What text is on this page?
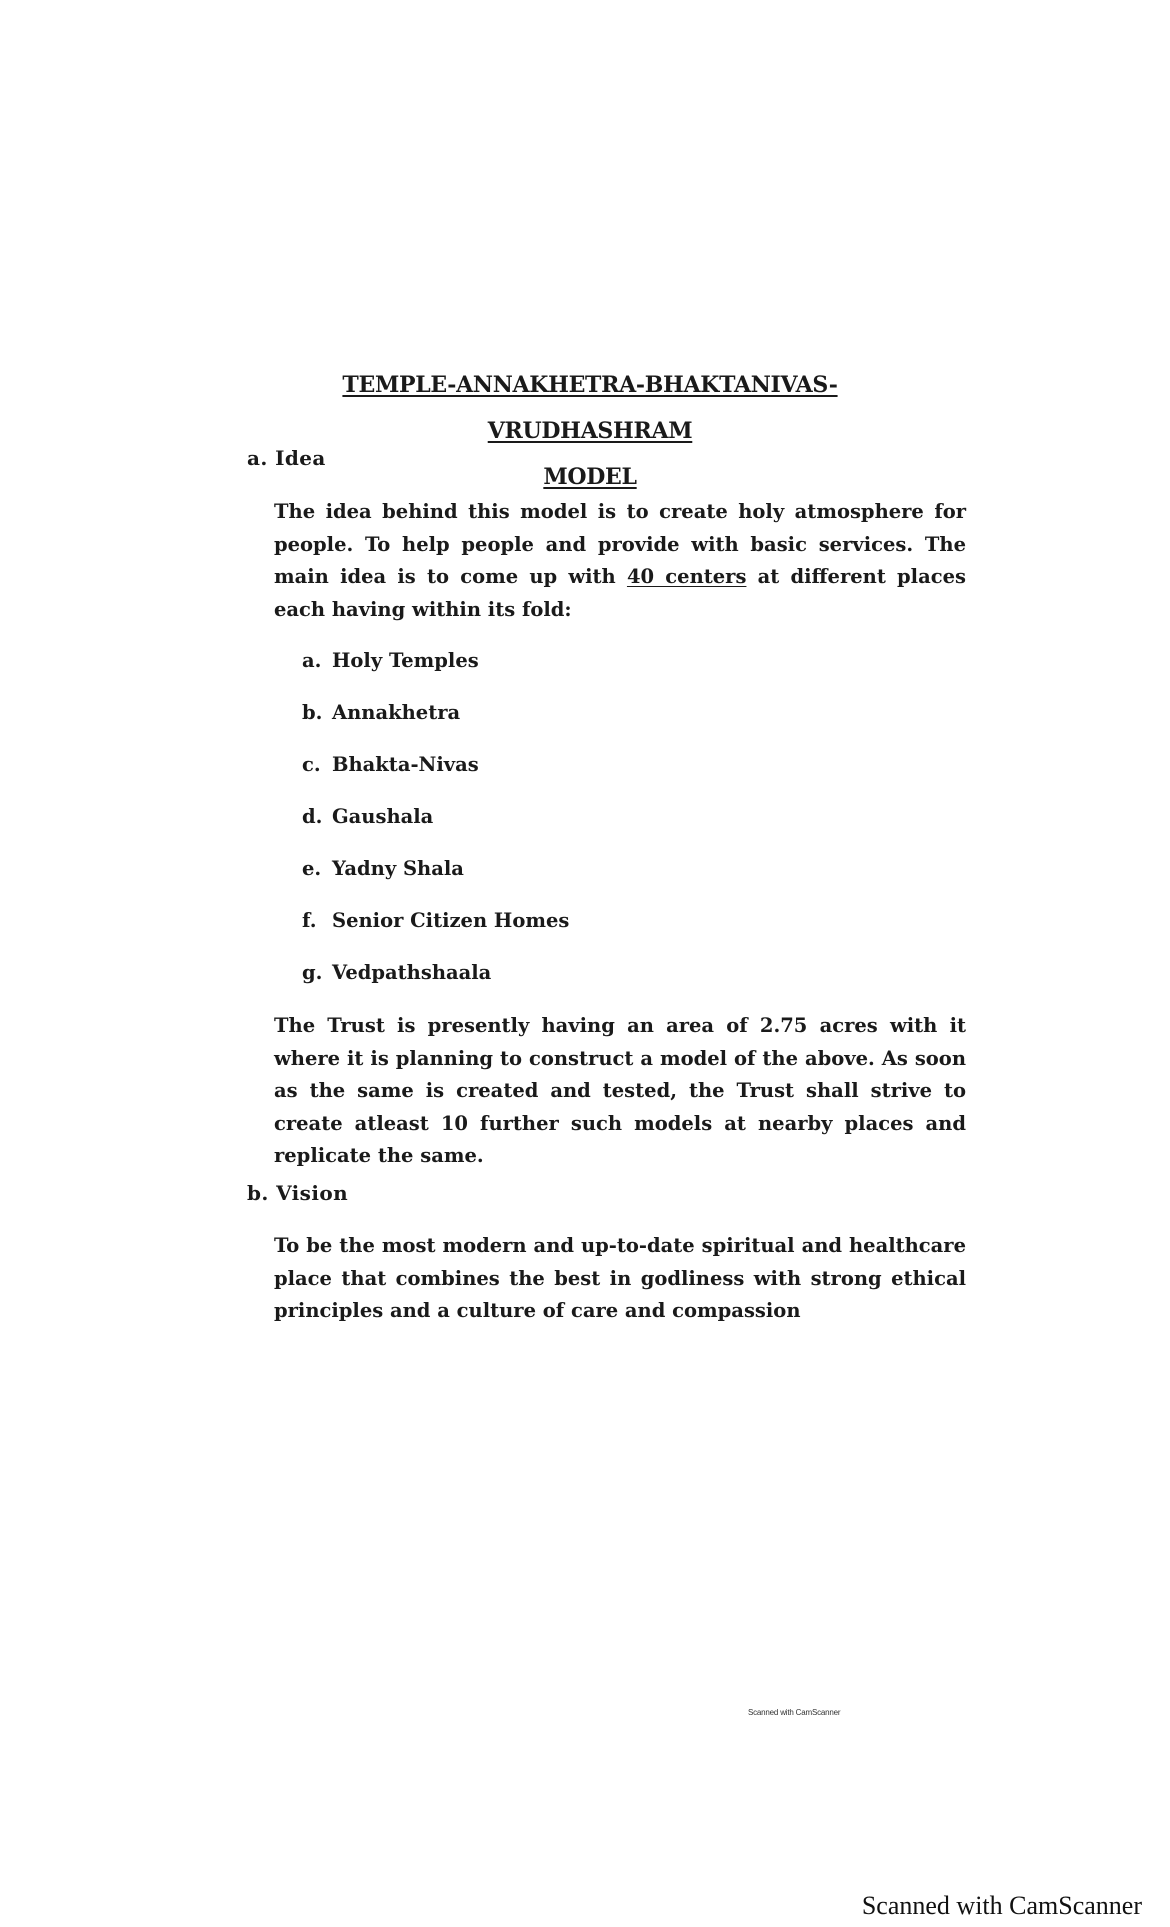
TEMPLE-ANNAKHETRA-BHAKTANIVAS-VRUDHASHRAM
MODEL
a. Idea
The idea behind this model is to create holy atmosphere for people. To help people and provide with basic services. The main idea is to come up with 40 centers at different places each having within its fold:
a. Holy Temples
b. Annakhetra
c. Bhakta-Nivas
d. Gaushala
e. Yadny Shala
f. Senior Citizen Homes
g. Vedpathshaala
The Trust is presently having an area of 2.75 acres with it where it is planning to construct a model of the above. As soon as the same is created and tested, the Trust shall strive to create atleast 10 further such models at nearby places and replicate the same.
b. Vision
To be the most modern and up-to-date spiritual and healthcare place that combines the best in godliness with strong ethical principles and a culture of care and compassion
Scanned with CamScanner
Scanned with CamScanner
